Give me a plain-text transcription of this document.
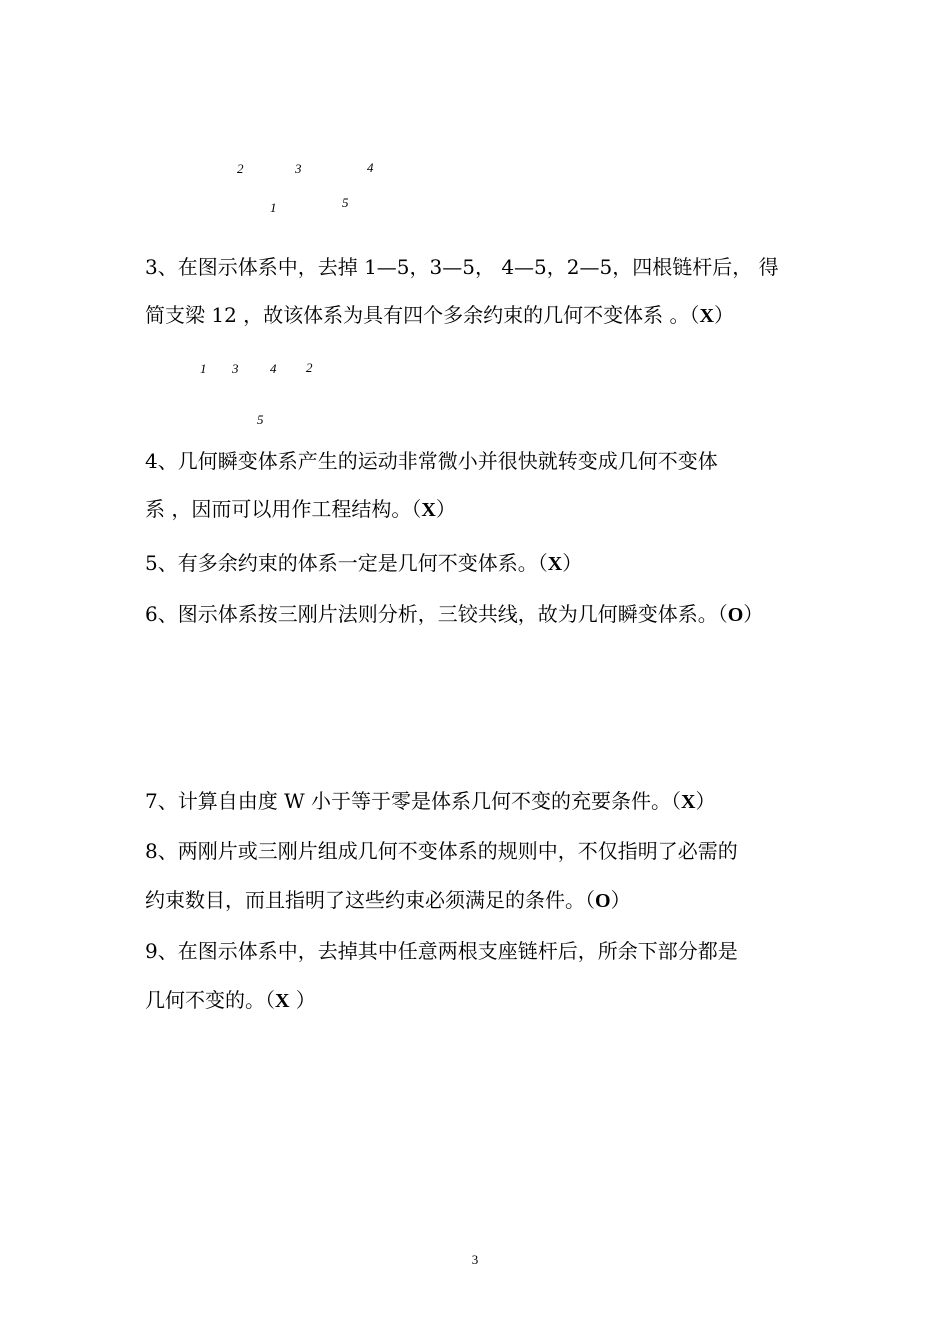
2	3	4
1	5
3、在图示体系中，去掉 1—5，3—5， 4—5，2—5，四根链杆后， 得
简支梁 12 ，故该体系为具有四个多余约束的几何不变体系 。（X）
1 3 4 2
5
4、几何瞬变体系产生的运动非常微小并很快就转变成几何不变体
系 ，因而可以用作工程结构。（X）
5、有多余约束的体系一定是几何不变体系。（X）
6、图示体系按三刚片法则分析，三铰共线，故为几何瞬变体系。（O）
7、计算自由度 W 小于等于零是体系几何不变的充要条件。（X）
8、两刚片或三刚片组成几何不变体系的规则中，不仅指明了必需的
约束数目，而且指明了这些约束必须满足的条件。（O）
9、在图示体系中，去掉其中任意两根支座链杆后，所余下部分都是
几何不变的。（X ）
3
